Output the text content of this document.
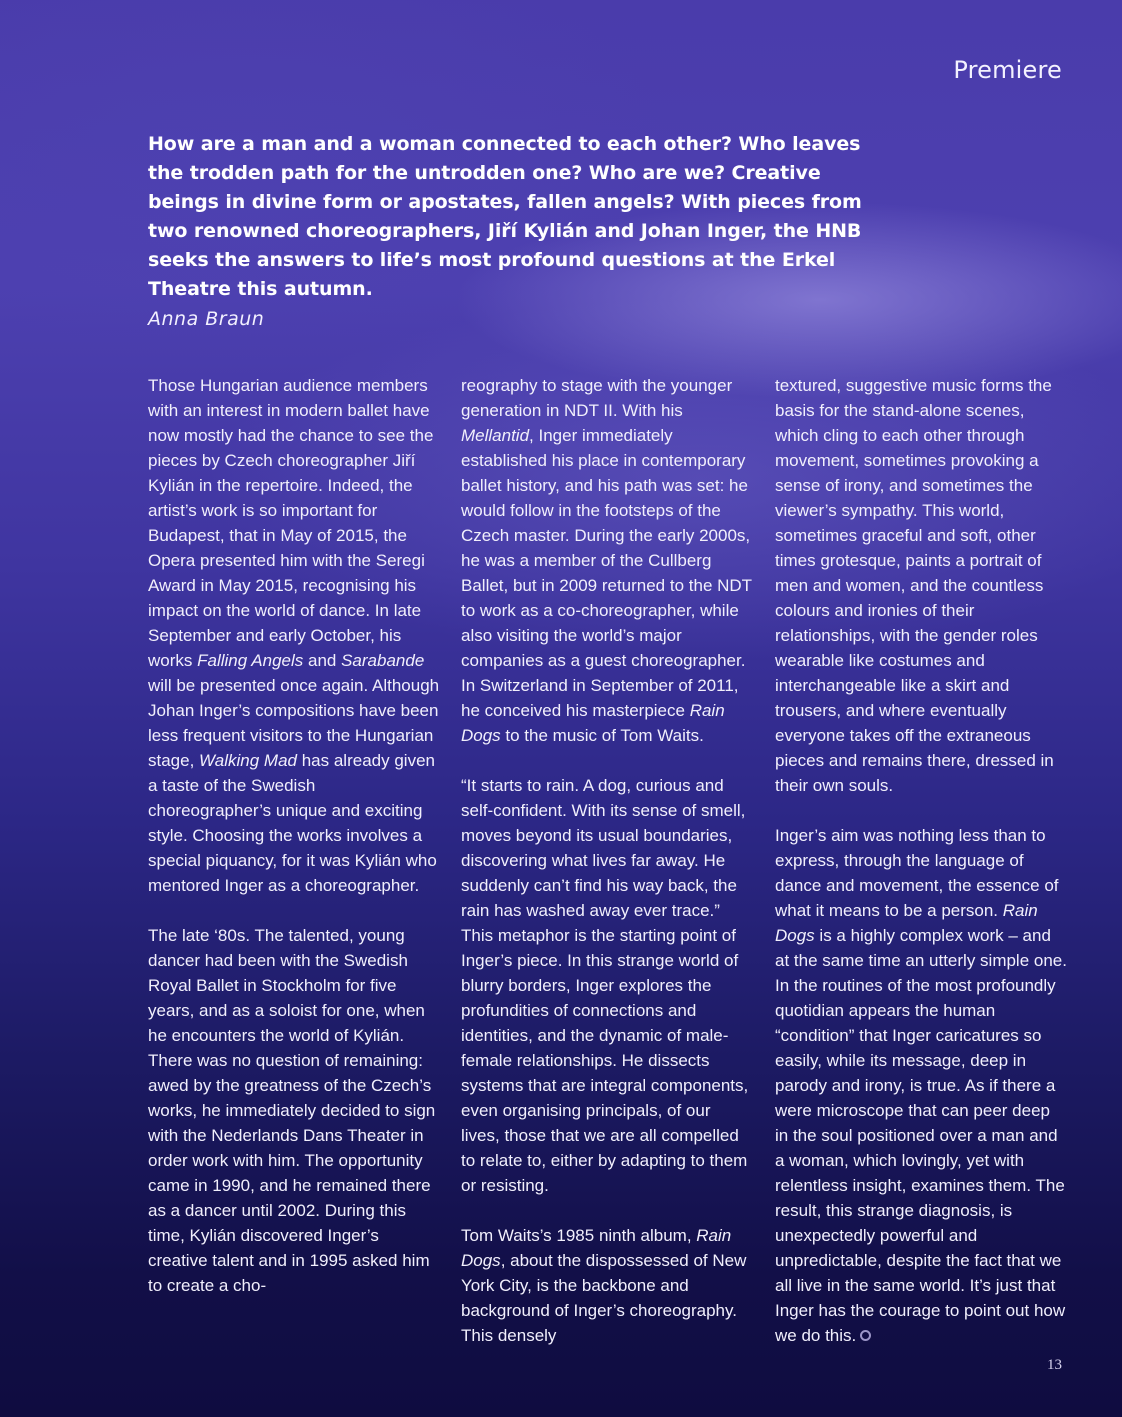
Premiere

How are a man and a woman connected to each other? Who leaves the trodden path for the untrodden one? Who are we? Creative beings in divine form or apostates, fallen angels? With pieces from two renowned choreographers, Jiří Kylián and Johan Inger, the HNB seeks the answers to life’s most profound questions at the Erkel Theatre this autumn.

Anna Braun

Those Hungarian audience members with an interest in modern ballet have now mostly had the chance to see the pieces by Czech choreographer Jiří Kylián in the repertoire. Indeed, the artist’s work is so important for Budapest, that in May of 2015, the Opera presented him with the Seregi Award in May 2015, recognising his impact on the world of dance. In late September and early October, his works Falling Angels and Sarabande will be presented once again. Although Johan Inger’s compositions have been less frequent visitors to the Hungarian stage, Walking Mad has already given a taste of the Swedish choreographer’s unique and exciting style. Choosing the works involves a special piquancy, for it was Kylián who mentored Inger as a choreographer.

The late ‘80s. The talented, young dancer had been with the Swedish Royal Ballet in Stockholm for five years, and as a soloist for one, when he encounters the world of Kylián. There was no question of remaining: awed by the greatness of the Czech’s works, he immediately decided to sign with the Nederlands Dans Theater in order work with him. The opportunity came in 1990, and he remained there as a dancer until 2002. During this time, Kylián discovered Inger’s creative talent and in 1995 asked him to create a cho-

reography to stage with the younger generation in NDT II. With his Mellantid, Inger immediately established his place in contemporary ballet history, and his path was set: he would follow in the footsteps of the Czech master. During the early 2000s, he was a member of the Cullberg Ballet, but in 2009 returned to the NDT to work as a co-choreographer, while also visiting the world’s major companies as a guest choreographer. In Switzerland in September of 2011, he conceived his masterpiece Rain Dogs to the music of Tom Waits.

“It starts to rain. A dog, curious and self-confident. With its sense of smell, moves beyond its usual boundaries, discovering what lives far away. He suddenly can’t find his way back, the rain has washed away ever trace.” This metaphor is the starting point of Inger’s piece. In this strange world of blurry borders, Inger explores the profundities of connections and identities, and the dynamic of male-female relationships. He dissects systems that are integral components, even organising principals, of our lives, those that we are all compelled to relate to, either by adapting to them or resisting.

Tom Waits’s 1985 ninth album, Rain Dogs, about the dispossessed of New York City, is the backbone and background of Inger’s choreography. This densely

textured, suggestive music forms the basis for the stand-alone scenes, which cling to each other through movement, sometimes provoking a sense of irony, and sometimes the viewer’s sympathy. This world, sometimes graceful and soft, other times grotesque, paints a portrait of men and women, and the countless colours and ironies of their relationships, with the gender roles wearable like costumes and interchangeable like a skirt and trousers, and where eventually everyone takes off the extraneous pieces and remains there, dressed in their own souls.

Inger’s aim was nothing less than to express, through the language of dance and movement, the essence of what it means to be a person. Rain Dogs is a highly complex work – and at the same time an utterly simple one. In the routines of the most profoundly quotidian appears the human “condition” that Inger caricatures so easily, while its message, deep in parody and irony, is true. As if there a were microscope that can peer deep in the soul positioned over a man and a woman, which lovingly, yet with relentless insight, examines them. The result, this strange diagnosis, is unexpectedly powerful and unpredictable, despite the fact that we all live in the same world. It’s just that Inger has the courage to point out how we do this.

13
